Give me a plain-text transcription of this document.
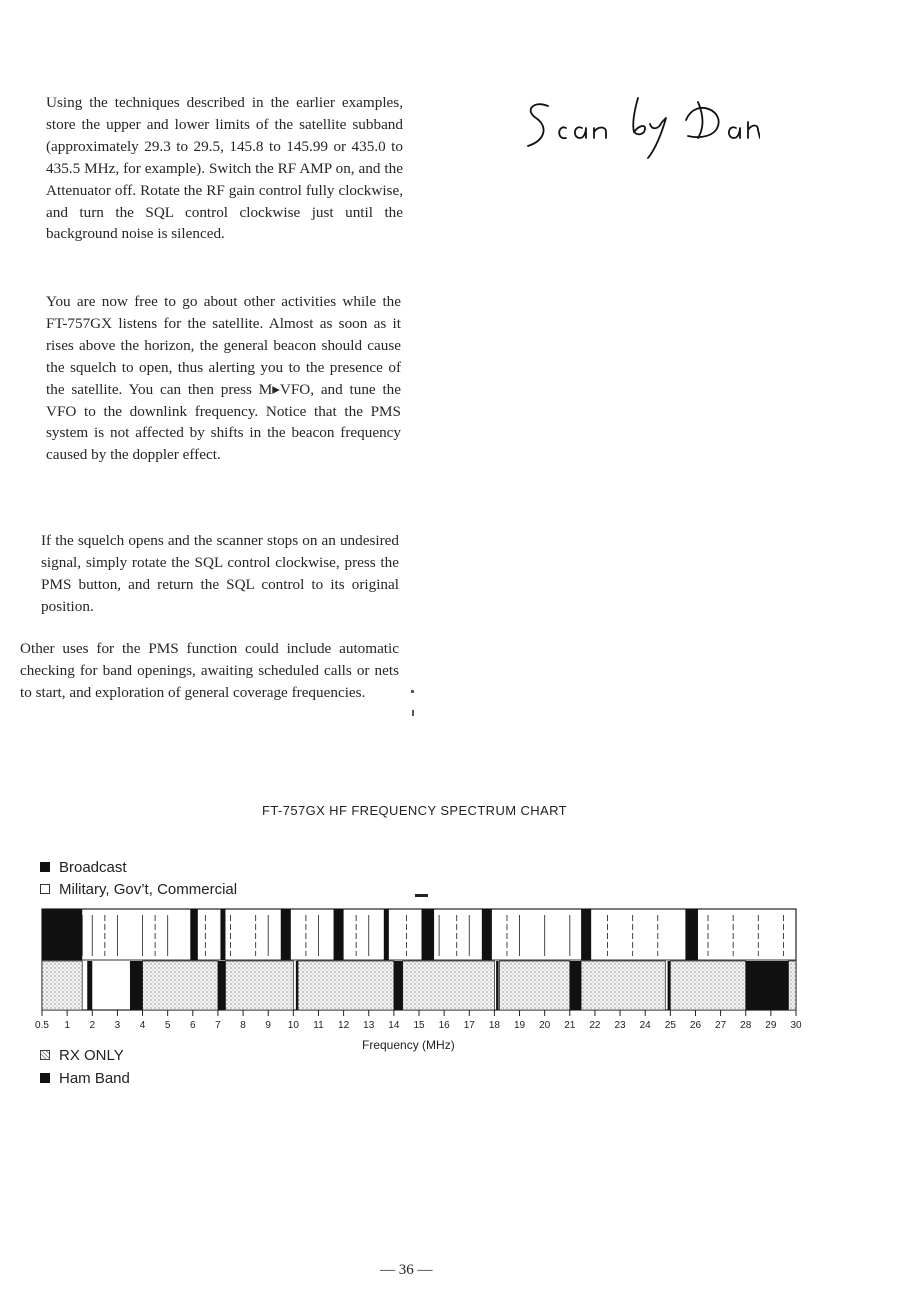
Using the techniques described in the earlier examples, store the upper and lower limits of the satellite subband (approximately 29.3 to 29.5, 145.8 to 145.99 or 435.0 to 435.5 MHz, for example). Switch the RF AMP on, and the Attenuator off. Rotate the RF gain control fully clockwise, and turn the SQL control clockwise just until the background noise is silenced.

You are now free to go about other activities while the FT-757GX listens for the satellite. Almost as soon as it rises above the horizon, the general beacon should cause the squelch to open, thus alerting you to the presence of the satellite. You can then press M▸VFO, and tune the VFO to the downlink frequency. Notice that the PMS system is not affected by shifts in the beacon frequency caused by the doppler effect.

If the squelch opens and the scanner stops on an undesired signal, simply rotate the SQL control clockwise, press the PMS button, and return the SQL control to its original position.

Other uses for the PMS function could include automatic checking for band openings, awaiting scheduled calls or nets to start, and exploration of general coverage frequencies.

FT-757GX HF FREQUENCY SPECTRUM CHART
Broadcast
Military, Gov’t, Commercial
0.5 1 2 3 4 5 6 7 8 9 10 11 12 13 14 15 16 17 18 19 20 21 22 23 24 25 26 27 28 29 30
Frequency (MHz)
RX ONLY
Ham Band
— 36 —
